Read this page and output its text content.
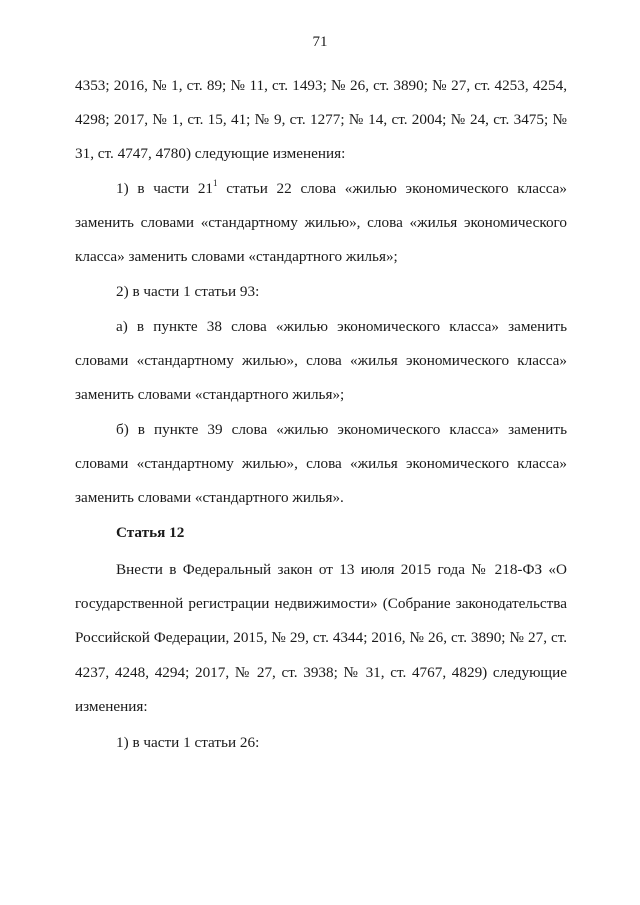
71

4353; 2016, № 1, ст. 89; № 11, ст. 1493; № 26, ст. 3890; № 27, ст. 4253, 4254, 4298; 2017, № 1, ст. 15, 41; № 9, ст. 1277; № 14, ст. 2004; № 24, ст. 3475; № 31, ст. 4747, 4780) следующие изменения:

1) в части $21^1$ статьи 22 слова «жилью экономического класса» заменить словами «стандартному жилью», слова «жилья экономического класса» заменить словами «стандартного жилья»;

2) в части 1 статьи 93:

а) в пункте 38 слова «жилью экономического класса» заменить словами «стандартному жилью», слова «жилья экономического класса» заменить словами «стандартного жилья»;

б) в пункте 39 слова «жилью экономического класса» заменить словами «стандартному жилью», слова «жилья экономического класса» заменить словами «стандартного жилья».

Статья 12

Внести в Федеральный закон от 13 июля 2015 года № 218-ФЗ «О государственной регистрации недвижимости» (Собрание законодательства Российской Федерации, 2015, № 29, ст. 4344; 2016, № 26, ст. 3890; № 27, ст. 4237, 4248, 4294; 2017, № 27, ст. 3938; № 31, ст. 4767, 4829) следующие изменения:

1) в части 1 статьи 26:
